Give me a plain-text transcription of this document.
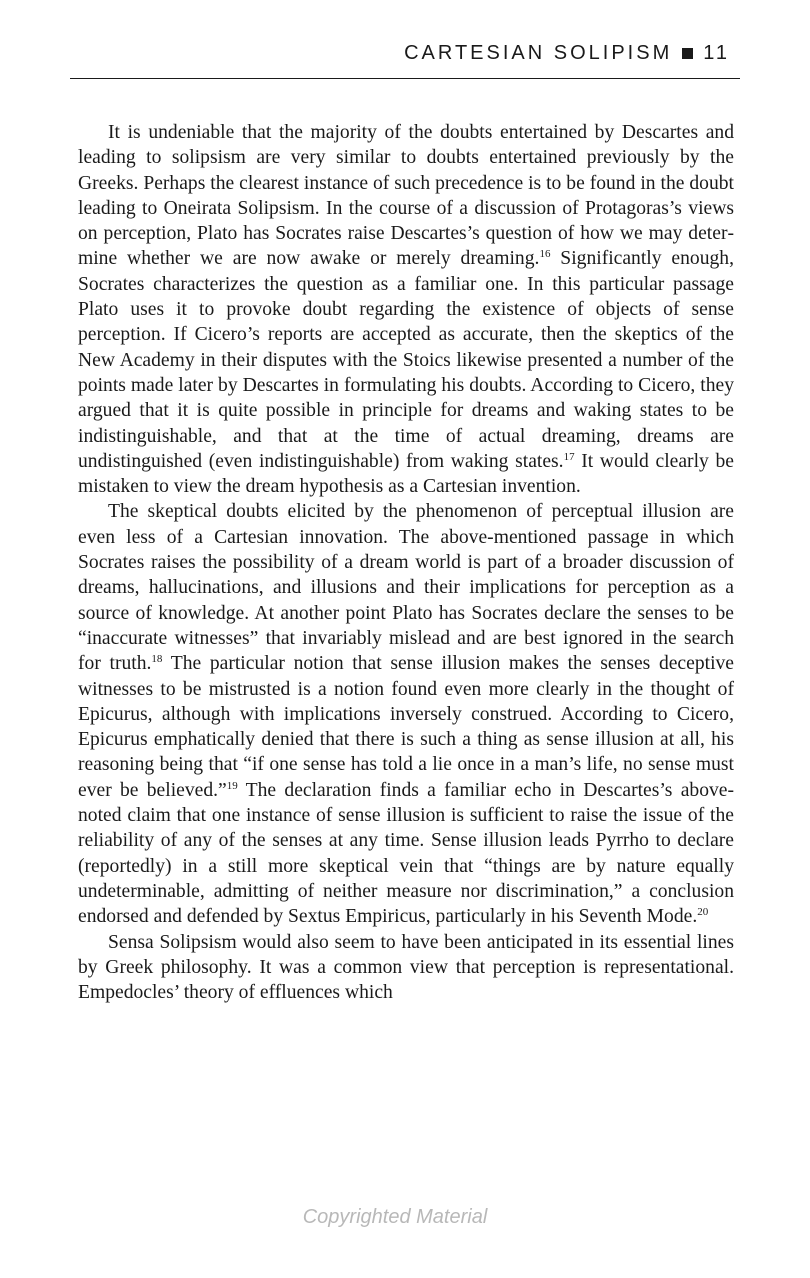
CARTESIAN SOLIPISM 11

It is undeniable that the majority of the doubts entertained by Descartes and leading to solipsism are very similar to doubts entertained previously by the Greeks. Perhaps the clearest instance of such precedence is to be found in the doubt leading to Oneirata Solipsism. In the course of a discussion of Protagoras’s views on perception, Plato has Socrates raise Descartes’s question of how we may determine whether we are now awake or merely dreaming.$^{16}$ Significantly enough, Socrates characterizes the question as a familiar one. In this particular passage Plato uses it to provoke doubt regarding the existence of objects of sense perception. If Cicero’s reports are accepted as accurate, then the skeptics of the New Academy in their disputes with the Stoics likewise presented a number of the points made later by Descartes in formulating his doubts. According to Cicero, they argued that it is quite possible in principle for dreams and waking states to be indistinguishable, and that at the time of actual dreaming, dreams are undistinguished (even indistinguishable) from waking states.$^{17}$ It would clearly be mistaken to view the dream hypothesis as a Cartesian invention.

The skeptical doubts elicited by the phenomenon of perceptual illusion are even less of a Cartesian innovation. The above-mentioned passage in which Socrates raises the possibility of a dream world is part of a broader discussion of dreams, hallucinations, and illusions and their implications for perception as a source of knowledge. At another point Plato has Socrates declare the senses to be “inaccurate witnesses” that invariably mislead and are best ignored in the search for truth.$^{18}$ The particular notion that sense illusion makes the senses deceptive witnesses to be mistrusted is a notion found even more clearly in the thought of Epicurus, although with implications inversely construed. According to Cicero, Epicurus emphatically denied that there is such a thing as sense illusion at all, his reasoning being that “if one sense has told a lie once in a man’s life, no sense must ever be believed.”$^{19}$ The declaration finds a familiar echo in Descartes’s above-noted claim that one instance of sense illusion is sufficient to raise the issue of the reliability of any of the senses at any time. Sense illusion leads Pyrrho to declare (reportedly) in a still more skeptical vein that “things are by nature equally undeterminable, admitting of neither measure nor discrimination,” a conclusion endorsed and defended by Sextus Empiricus, particularly in his Seventh Mode.$^{20}$

Sensa Solipsism would also seem to have been anticipated in its essential lines by Greek philosophy. It was a common view that perception is representational. Empedocles’ theory of effluences which

Copyrighted Material
